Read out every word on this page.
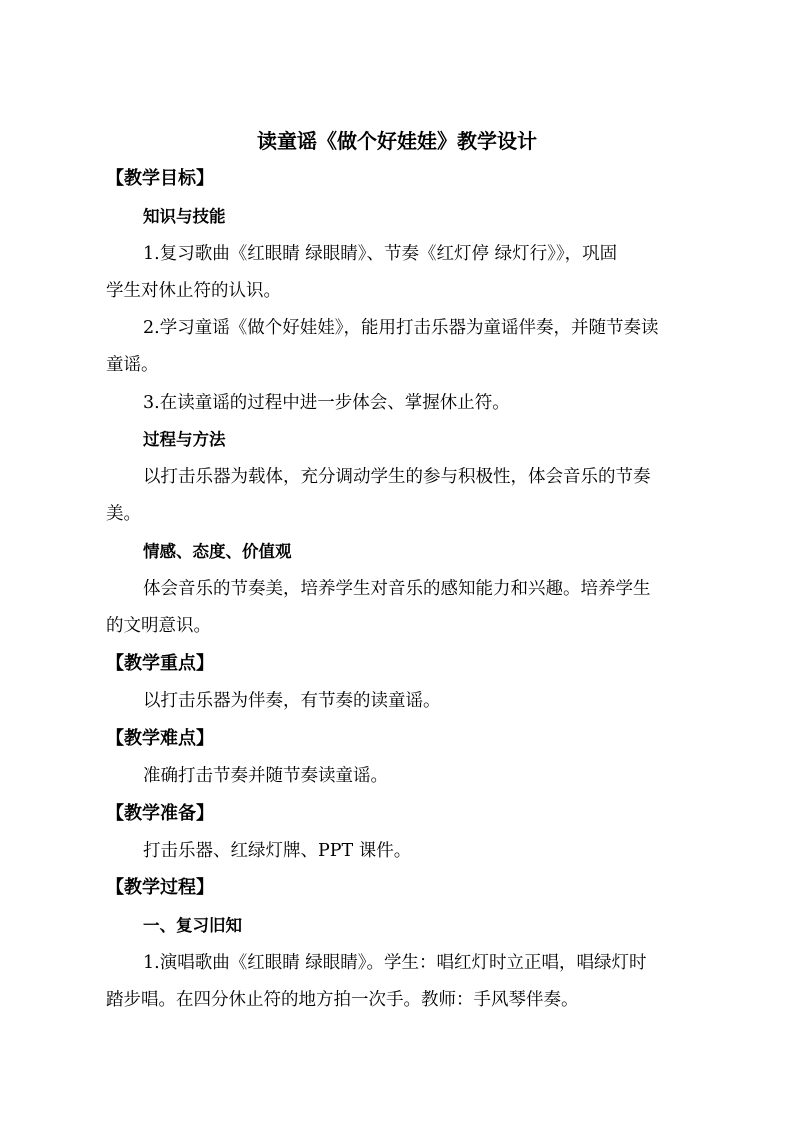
读童谣《做个好娃娃》教学设计
【教学目标】
知识与技能
1.复习歌曲《红眼睛 绿眼睛》、节奏《红灯停 绿灯行》》，巩固
学生对休止符的认识。
2.学习童谣《做个好娃娃》，能用打击乐器为童谣伴奏，并随节奏读
童谣。
3.在读童谣的过程中进一步体会、掌握休止符。
过程与方法
以打击乐器为载体，充分调动学生的参与积极性，体会音乐的节奏
美。
情感、态度、价值观
体会音乐的节奏美，培养学生对音乐的感知能力和兴趣。培养学生
的文明意识。
【教学重点】
以打击乐器为伴奏，有节奏的读童谣。
【教学难点】
准确打击节奏并随节奏读童谣。
【教学准备】
打击乐器、红绿灯牌、PPT 课件。
【教学过程】
一、复习旧知
1.演唱歌曲《红眼睛 绿眼睛》。学生：唱红灯时立正唱，唱绿灯时
踏步唱。在四分休止符的地方拍一次手。教师：手风琴伴奏。
